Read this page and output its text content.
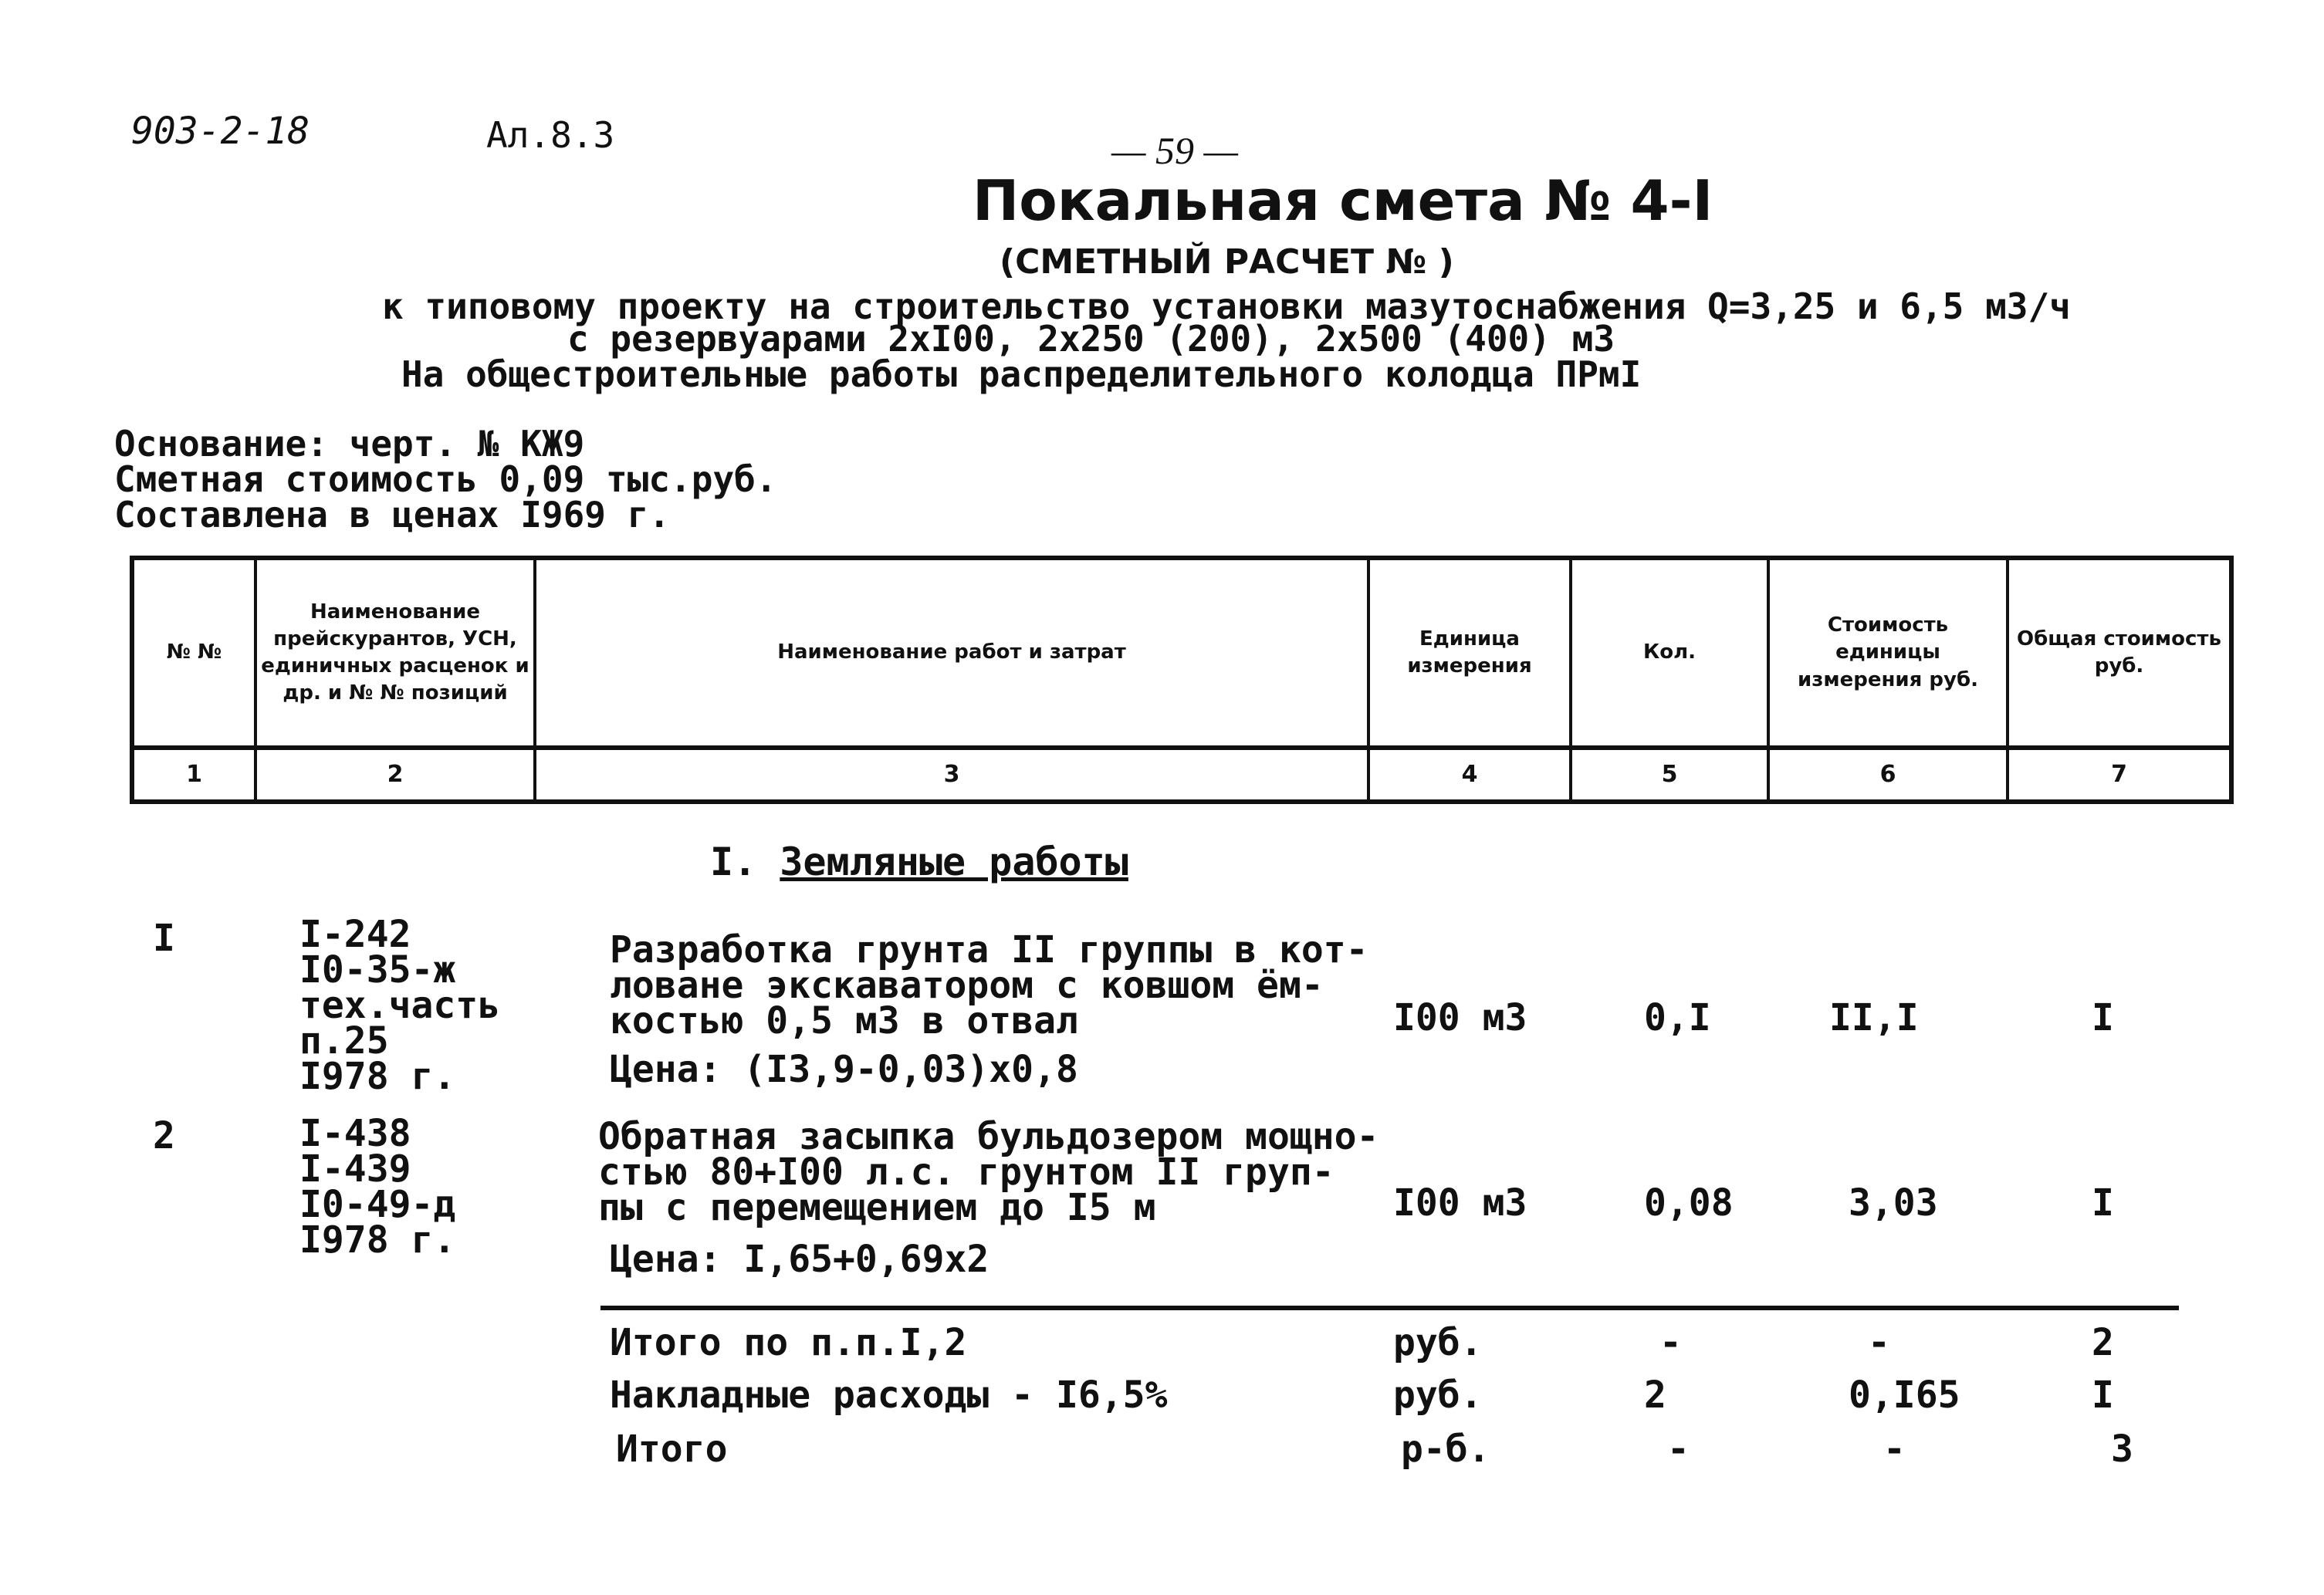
903-2-18	Ал.8.3	— 59 —
Покальная смета № 4-I
(СМЕТНЫЙ РАСЧЕТ № )
к типовому проекту на строительство установки мазутоснабжения Q=3,25 и 6,5 м3/ч
с резервуарами 2хI00, 2х250 (200), 2х500 (400) м3
На общестроительные работы распределительного колодца ПРмI
Основание: черт. № КЖ9
Сметная стоимость 0,09 тыс.руб.
Составлена в ценах I969 г.
№ №	Наименование прейскурантов, УСН, единичных расценок и др. и № № позиций	Наименование работ и затрат	Единица измерения	Кол.	Стоимость единицы измерения руб.	Общая стоимость руб.
1	2	3	4	5	6	7
I. Земляные работы
I	I-242
I0-35-ж
тех.часть
п.25
I978 г.
Разработка грунта II группы в кот-
ловане экскаватором с ковшом ём-
костью 0,5 м3 в отвал
Цена: (I3,9-0,03)х0,8
I00 м3	0,I	II,I	I
2	I-438
I-439
I0-49-д
I978 г.
Обратная засыпка бульдозером мощно-
стью 80+I00 л.с. грунтом II груп-
пы с перемещением до I5 м
Цена: I,65+0,69х2
I00 м3	0,08	3,03	I
Итого по п.п.I,2	руб.	-	-	2
Накладные расходы - I6,5%	руб.	2	0,I65	I
Итого	р-б.	-	-	3
